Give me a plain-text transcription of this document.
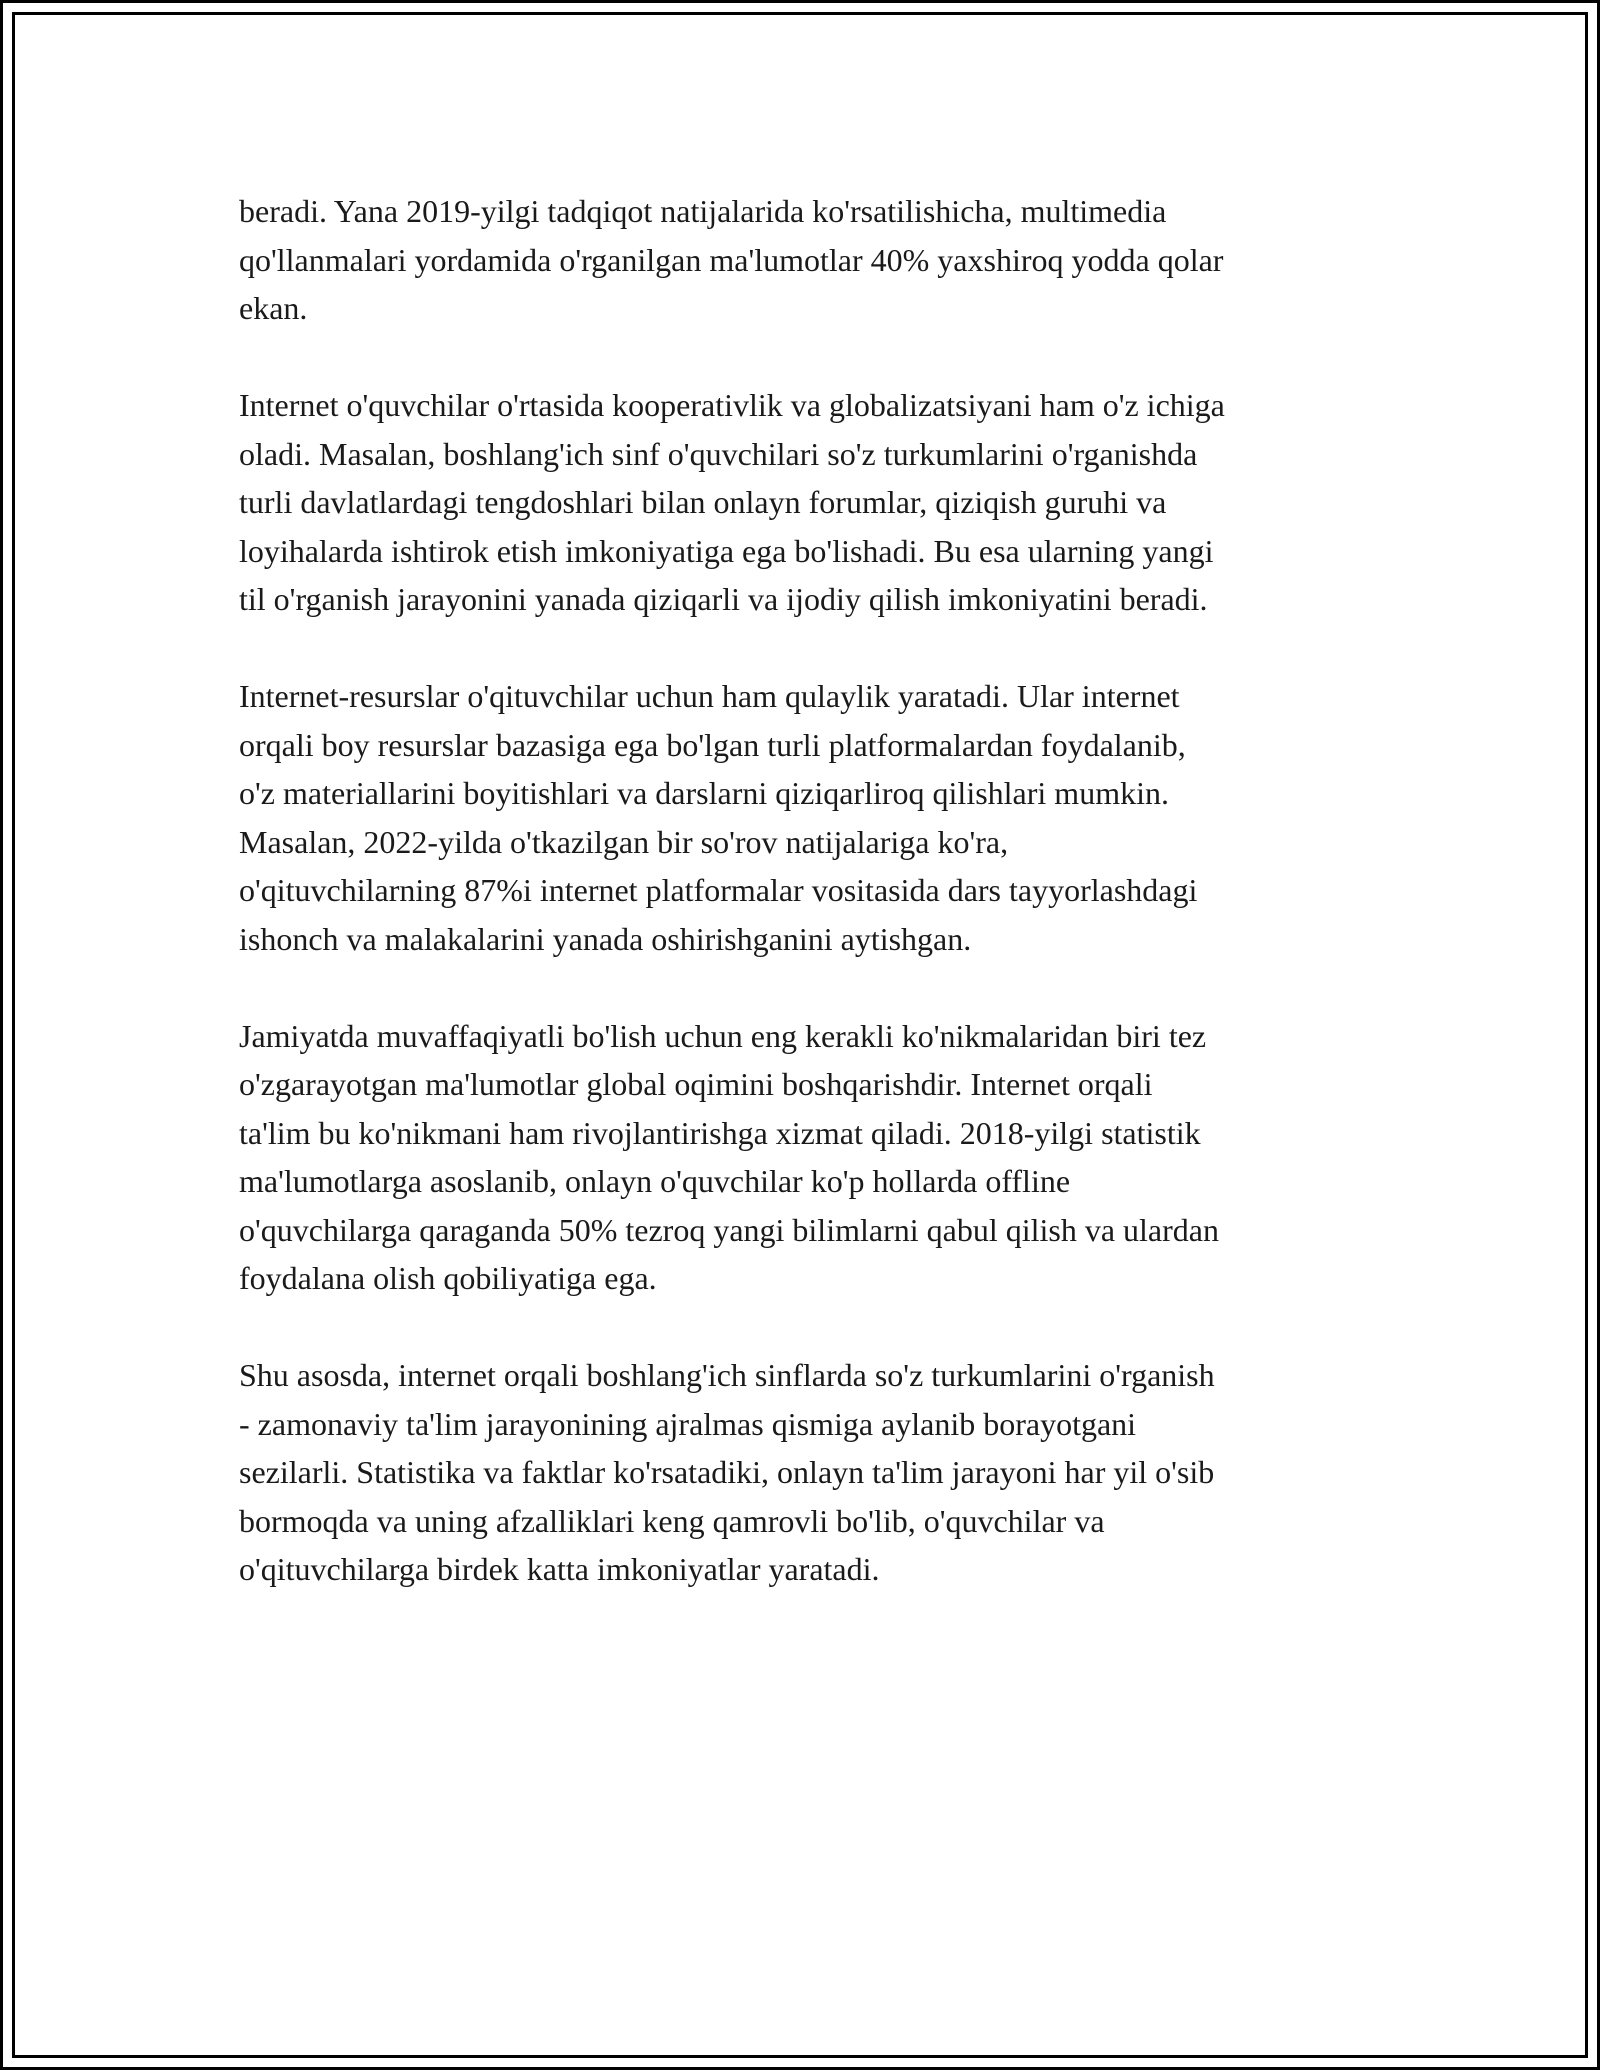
beradi. Yana 2019-yilgi tadqiqot natijalarida ko'rsatilishicha, multimedia
qo'llanmalari yordamida o'rganilgan ma'lumotlar 40% yaxshiroq yodda qolar
ekan.

Internet o'quvchilar o'rtasida kooperativlik va globalizatsiyani ham o'z ichiga
oladi. Masalan, boshlang'ich sinf o'quvchilari so'z turkumlarini o'rganishda
turli davlatlardagi tengdoshlari bilan onlayn forumlar, qiziqish guruhi va
loyihalarda ishtirok etish imkoniyatiga ega bo'lishadi. Bu esa ularning yangi
til o'rganish jarayonini yanada qiziqarli va ijodiy qilish imkoniyatini beradi.

Internet-resurslar o'qituvchilar uchun ham qulaylik yaratadi. Ular internet
orqali boy resurslar bazasiga ega bo'lgan turli platformalardan foydalanib,
o'z materiallarini boyitishlari va darslarni qiziqarliroq qilishlari mumkin.
Masalan, 2022-yilda o'tkazilgan bir so'rov natijalariga ko'ra,
o'qituvchilarning 87%i internet platformalar vositasida dars tayyorlashdagi
ishonch va malakalarini yanada oshirishganini aytishgan.

Jamiyatda muvaffaqiyatli bo'lish uchun eng kerakli ko'nikmalaridan biri tez
o'zgarayotgan ma'lumotlar global oqimini boshqarishdir. Internet orqali
ta'lim bu ko'nikmani ham rivojlantirishga xizmat qiladi. 2018-yilgi statistik
ma'lumotlarga asoslanib, onlayn o'quvchilar ko'p hollarda offline
o'quvchilarga qaraganda 50% tezroq yangi bilimlarni qabul qilish va ulardan
foydalana olish qobiliyatiga ega.

Shu asosda, internet orqali boshlang'ich sinflarda so'z turkumlarini o'rganish
- zamonaviy ta'lim jarayonining ajralmas qismiga aylanib borayotgani
sezilarli. Statistika va faktlar ko'rsatadiki, onlayn ta'lim jarayoni har yil o'sib
bormoqda va uning afzalliklari keng qamrovli bo'lib, o'quvchilar va
o'qituvchilarga birdek katta imkoniyatlar yaratadi.
